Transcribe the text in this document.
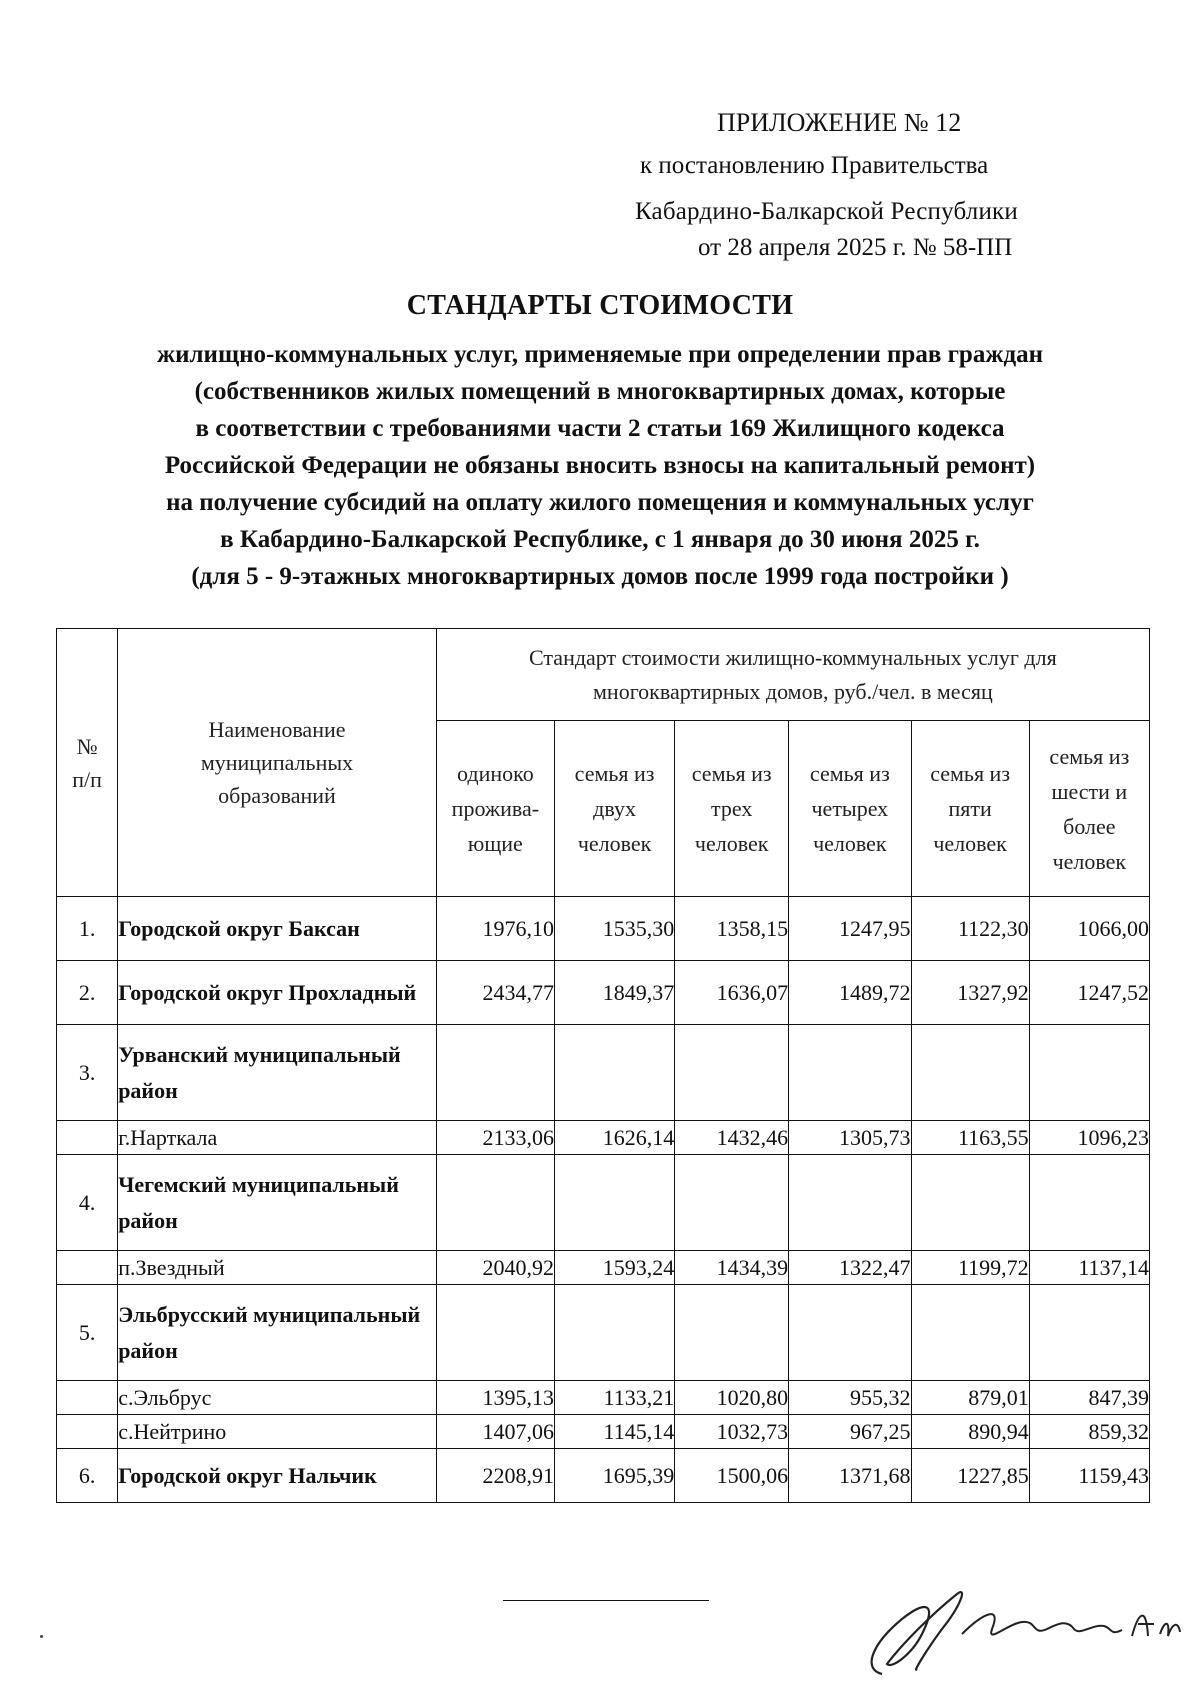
ПРИЛОЖЕНИЕ № 12
к постановлению Правительства
Кабардино-Балкарской Республики
от 28 апреля 2025 г. № 58-ПП
СТАНДАРТЫ СТОИМОСТИ
жилищно-коммунальных услуг, применяемые при определении прав граждан
(собственников жилых помещений в многоквартирных домах, которые
в соответствии с требованиями части 2 статьи 169 Жилищного кодекса
Российской Федерации не обязаны вносить взносы на капитальный ремонт)
на получение субсидий на оплату жилого помещения и коммунальных услуг
в Кабардино-Балкарской Республике, с 1 января до 30 июня 2025 г.
(для 5 - 9-этажных многоквартирных домов после 1999 года постройки )
№ п/п	Наименование муниципальных образований	Стандарт стоимости жилищно-коммунальных услуг для многоквартирных домов, руб./чел. в месяц					

		одиноко прожива-ющие	семья из двух человек	семья из трех человек	семья из четырех человек	семья из пяти человек	семья из шести и более человек

1.	Городской округ Баксан	1976,10	1535,30	1358,15	1247,95	1122,30	1066,00
2.	Городской округ Прохладный	2434,77	1849,37	1636,07	1489,72	1327,92	1247,52
3.	Урванский муниципальный район						
	г.Нарткала	2133,06	1626,14	1432,46	1305,73	1163,55	1096,23
4.	Чегемский муниципальный район						
	п.Звездный	2040,92	1593,24	1434,39	1322,47	1199,72	1137,14
5.	Эльбрусский муниципальный район						
	с.Эльбрус	1395,13	1133,21	1020,80	955,32	879,01	847,39
	с.Нейтрино	1407,06	1145,14	1032,73	967,25	890,94	859,32
6.	Городской округ Нальчик	2208,91	1695,39	1500,06	1371,68	1227,85	1159,43
